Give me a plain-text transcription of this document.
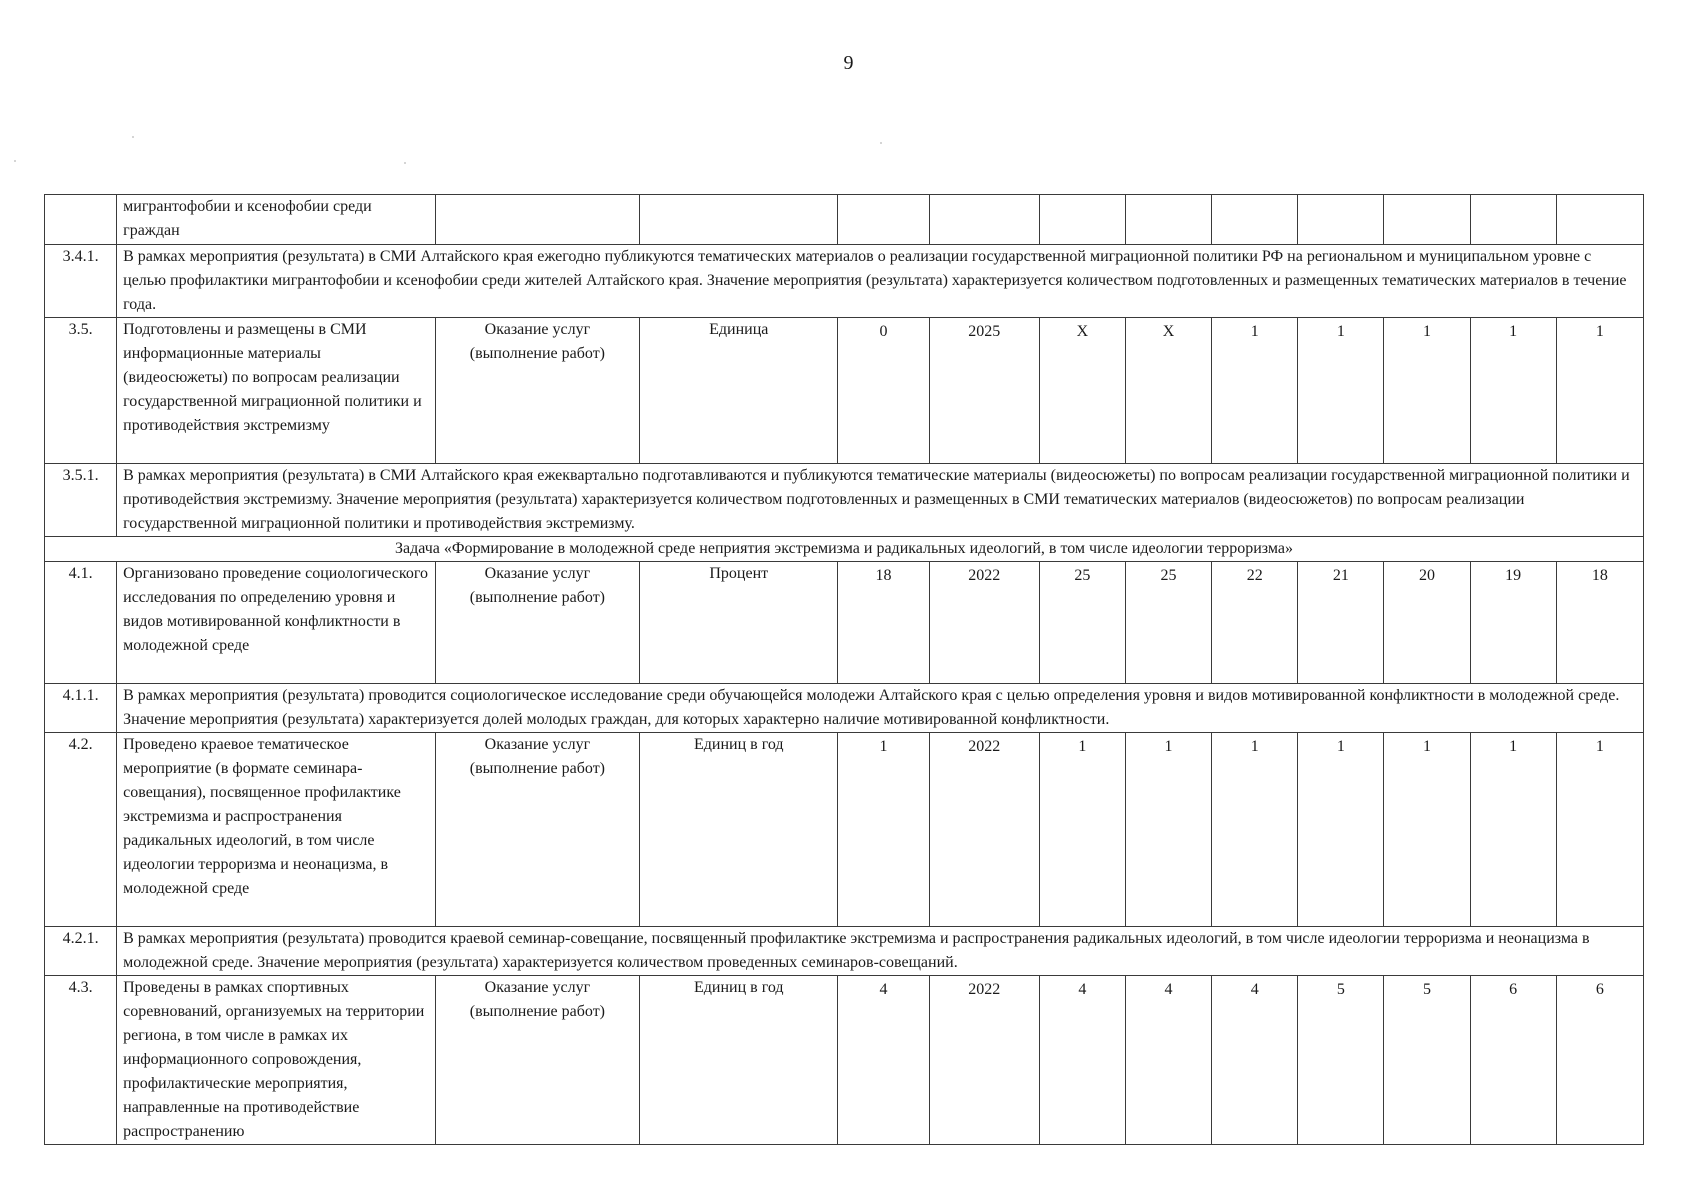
9
	мигрантофобии и ксенофобии среди граждан											
3.4.1.	В рамках мероприятия (результата) в СМИ Алтайского края ежегодно публикуются тематических материалов о реализации государственной миграционной политики РФ на региональном и муниципальном уровне с целью профилактики мигрантофобии и ксенофобии среди жителей Алтайского края. Значение мероприятия (результата) характеризуется количеством подготовленных и размещенных тематических материалов в течение года.											
3.5.	Подготовлены и размещены в СМИ информационные материалы (видеосюжеты) по вопросам реализации государственной миграционной политики и противодействия экстремизму	Оказание услуг (выполнение работ)	Единица	0	2025	Х	Х	1	1	1	1	1
3.5.1.	В рамках мероприятия (результата) в СМИ Алтайского края ежеквартально подготавливаются и публикуются тематические материалы (видеосюжеты) по вопросам реализации государственной миграционной политики и противодействия экстремизму. Значение мероприятия (результата) характеризуется количеством подготовленных и размещенных в СМИ тематических материалов (видеосюжетов) по вопросам реализации государственной миграционной политики и противодействия экстремизму.											
Задача «Формирование в молодежной среде неприятия экстремизма и радикальных идеологий, в том числе идеологии терроризма»												
4.1.	Организовано проведение социологического исследования по определению уровня и видов мотивированной конфликтности в молодежной среде	Оказание услуг (выполнение работ)	Процент	18	2022	25	25	22	21	20	19	18
4.1.1.	В рамках мероприятия (результата) проводится социологическое исследование среди обучающейся молодежи Алтайского края с целью определения уровня и видов мотивированной конфликтности в молодежной среде. Значение мероприятия (результата) характеризуется долей молодых граждан, для которых характерно наличие мотивированной конфликтности.											
4.2.	Проведено краевое тематическое мероприятие (в формате семинара-совещания), посвященное профилактике экстремизма и распространения радикальных идеологий, в том числе идеологии терроризма и неонацизма, в молодежной среде	Оказание услуг (выполнение работ)	Единиц в год	1	2022	1	1	1	1	1	1	1
4.2.1.	В рамках мероприятия (результата) проводится краевой семинар-совещание, посвященный профилактике экстремизма и распространения радикальных идеологий, в том числе идеологии терроризма и неонацизма в молодежной среде. Значение мероприятия (результата) характеризуется количеством проведенных семинаров-совещаний.											
4.3.	Проведены в рамках спортивных соревнований, организуемых на территории региона, в том числе в рамках их информационного сопровождения, профилактические мероприятия, направленные на противодействие распространению	Оказание услуг (выполнение работ)	Единиц в год	4	2022	4	4	4	5	5	6	6
